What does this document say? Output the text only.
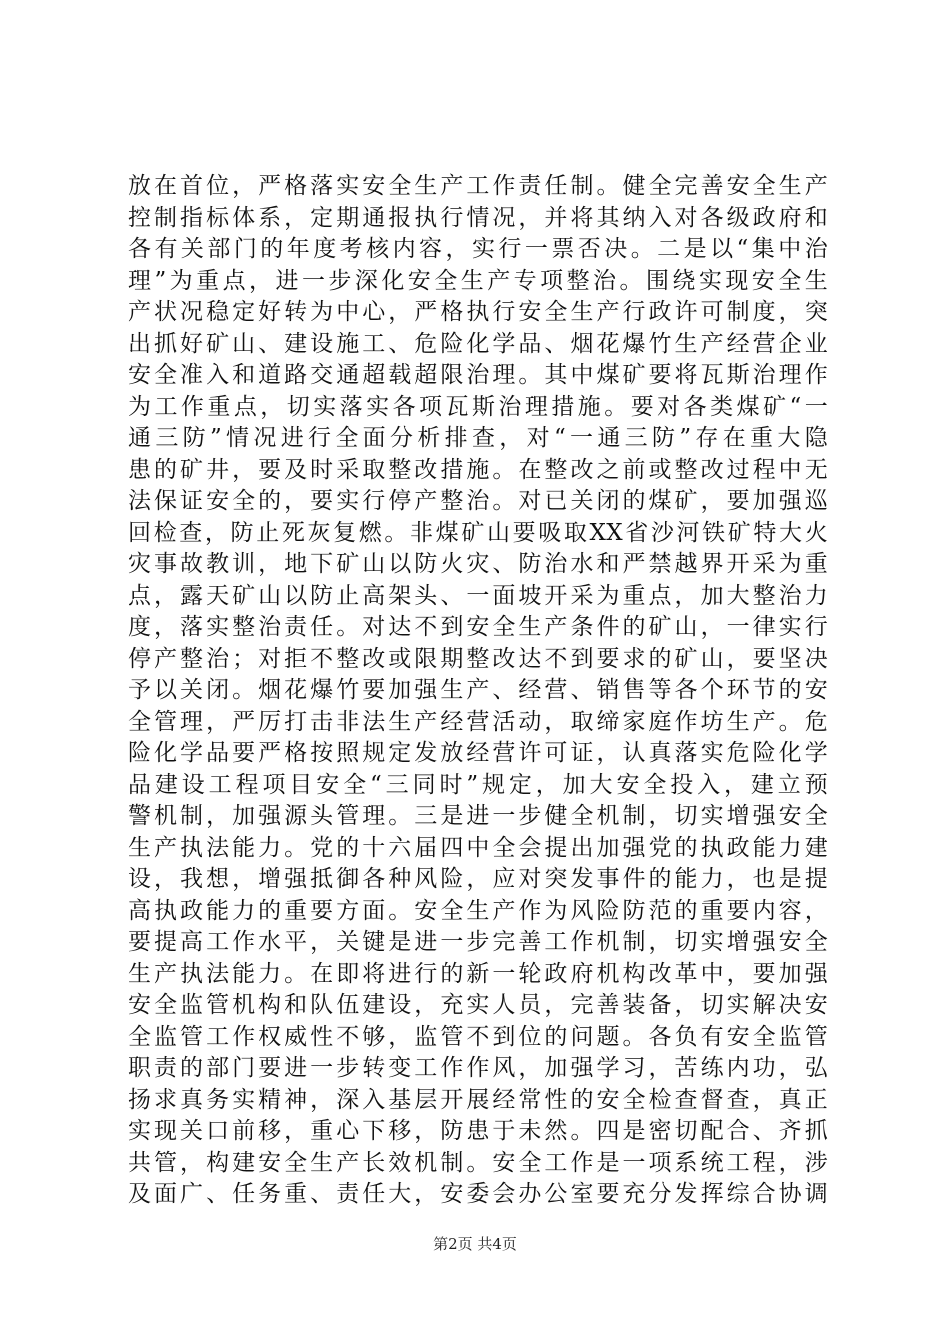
放在首位，严格落实安全生产工作责任制。健全完善安全生产
控制指标体系，定期通报执行情况，并将其纳入对各级政府和
各有关部门的年度考核内容，实行一票否决。二是以“集中治
理”为重点，进一步深化安全生产专项整治。围绕实现安全生
产状况稳定好转为中心，严格执行安全生产行政许可制度，突
出抓好矿山、建设施工、危险化学品、烟花爆竹生产经营企业
安全准入和道路交通超载超限治理。其中煤矿要将瓦斯治理作
为工作重点，切实落实各项瓦斯治理措施。要对各类煤矿“一
通三防”情况进行全面分析排查，对“一通三防”存在重大隐
患的矿井，要及时采取整改措施。在整改之前或整改过程中无
法保证安全的，要实行停产整治。对已关闭的煤矿，要加强巡
回检查，防止死灰复燃。非煤矿山要吸取XX省沙河铁矿特大火
灾事故教训，地下矿山以防火灾、防治水和严禁越界开采为重
点，露天矿山以防止高架头、一面坡开采为重点，加大整治力
度，落实整治责任。对达不到安全生产条件的矿山，一律实行
停产整治；对拒不整改或限期整改达不到要求的矿山，要坚决
予以关闭。烟花爆竹要加强生产、经营、销售等各个环节的安
全管理，严厉打击非法生产经营活动，取缔家庭作坊生产。危
险化学品要严格按照规定发放经营许可证，认真落实危险化学
品建设工程项目安全“三同时”规定，加大安全投入，建立预
警机制，加强源头管理。三是进一步健全机制，切实增强安全
生产执法能力。党的十六届四中全会提出加强党的执政能力建
设，我想，增强抵御各种风险，应对突发事件的能力，也是提
高执政能力的重要方面。安全生产作为风险防范的重要内容，
要提高工作水平，关键是进一步完善工作机制，切实增强安全
生产执法能力。在即将进行的新一轮政府机构改革中，要加强
安全监管机构和队伍建设，充实人员，完善装备，切实解决安
全监管工作权威性不够，监管不到位的问题。各负有安全监管
职责的部门要进一步转变工作作风，加强学习，苦练内功，弘
扬求真务实精神，深入基层开展经常性的安全检查督查，真正
实现关口前移，重心下移，防患于未然。四是密切配合、齐抓
共管，构建安全生产长效机制。安全工作是一项系统工程，涉
及面广、任务重、责任大，安委会办公室要充分发挥综合协调
第2页 共4页
